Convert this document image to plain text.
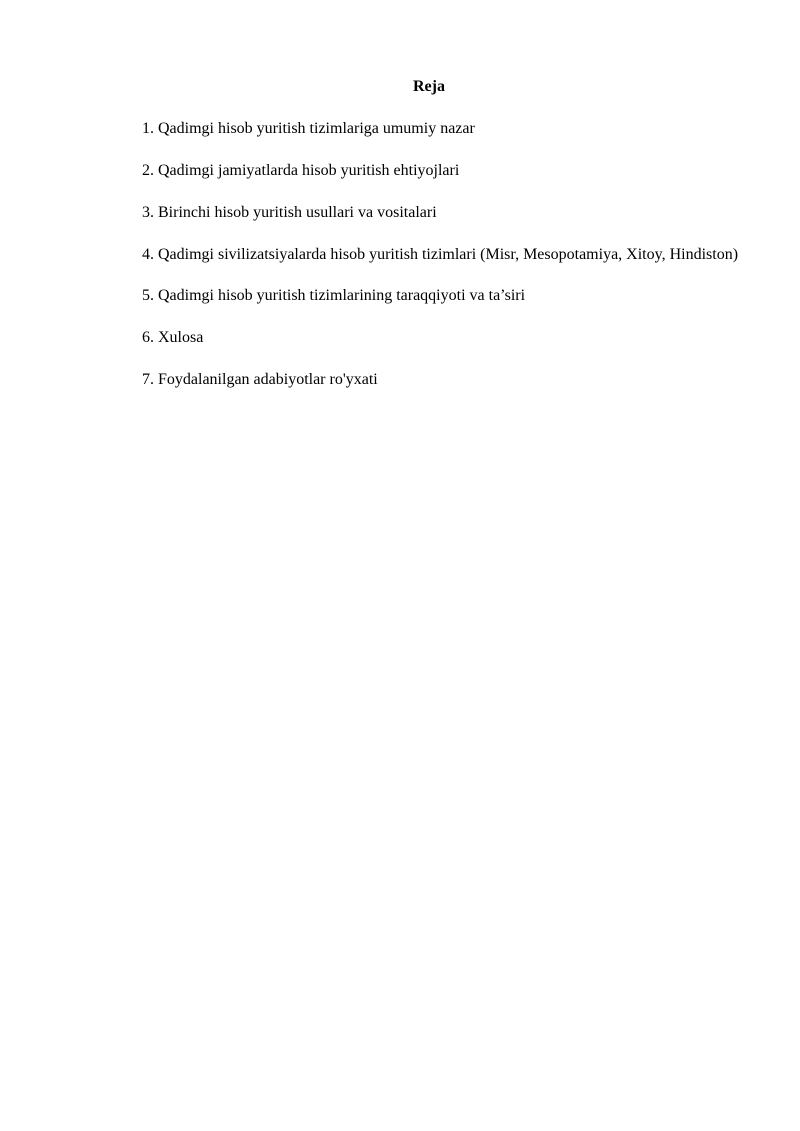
Reja
1. Qadimgi hisob yuritish tizimlariga umumiy nazar
2. Qadimgi jamiyatlarda hisob yuritish ehtiyojlari
3. Birinchi hisob yuritish usullari va vositalari
4. Qadimgi sivilizatsiyalarda hisob yuritish tizimlari (Misr, Mesopotamiya, Xitoy, Hindiston)
5. Qadimgi hisob yuritish tizimlarining taraqqiyoti va ta’siri
6. Xulosa
7. Foydalanilgan adabiyotlar ro'yxati
